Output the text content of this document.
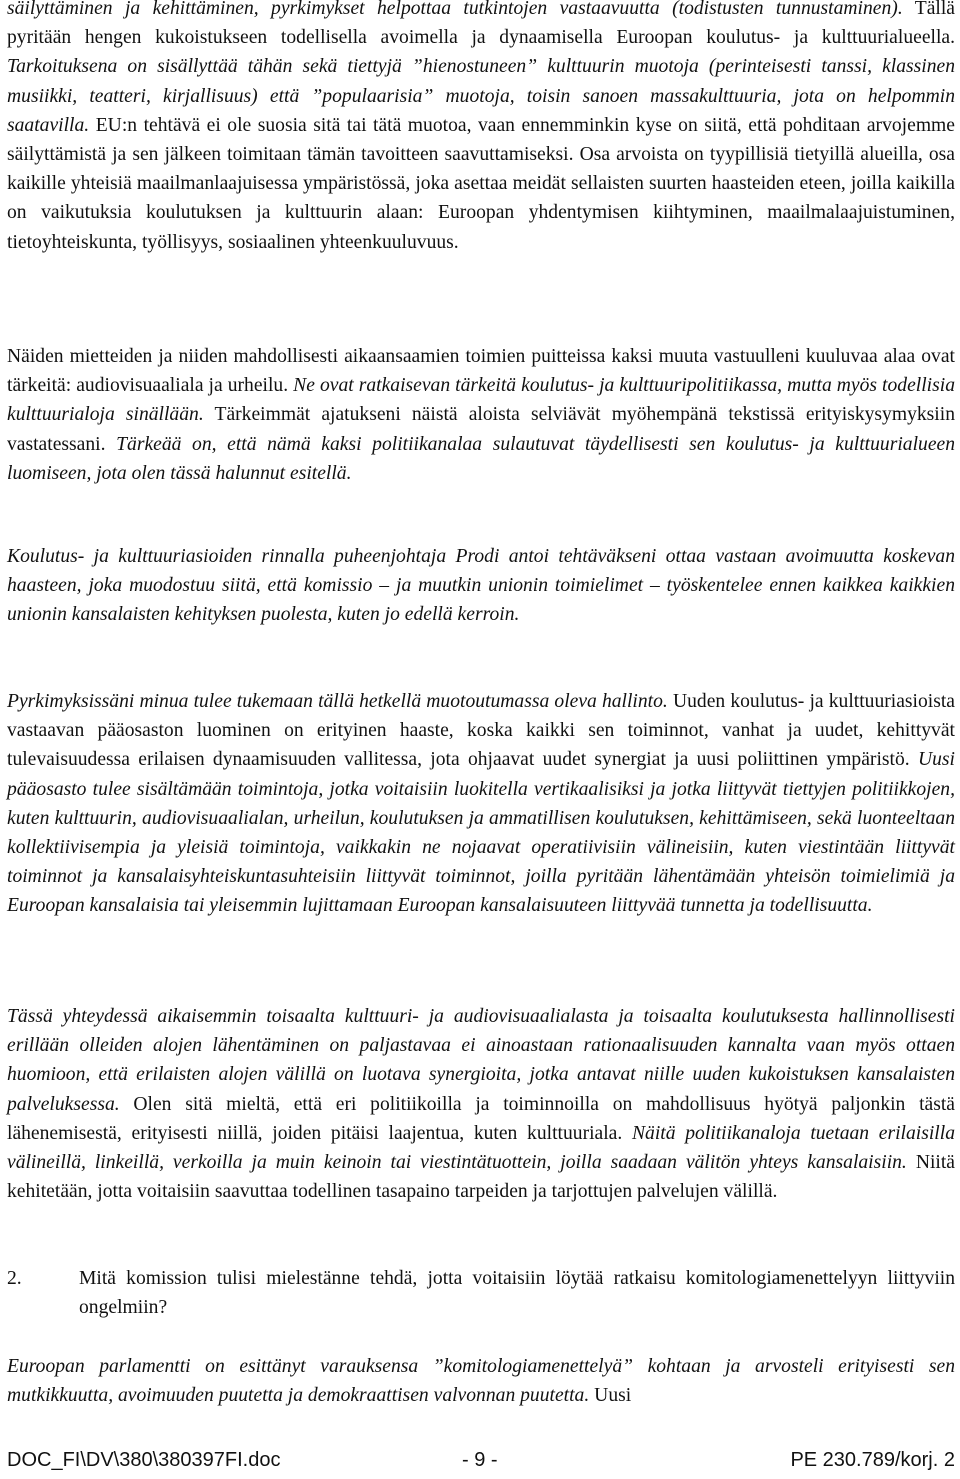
säilyttäminen ja kehittäminen, pyrkimykset helpottaa tutkintojen vastaavuutta (todistusten tunnustaminen). Tällä pyritään hengen kukoistukseen todellisella avoimella ja dynaamisella Euroopan koulutus- ja kulttuurialueella. Tarkoituksena on sisällyttää tähän sekä tiettyjä ”hienostuneen” kulttuurin muotoja (perinteisesti tanssi, klassinen musiikki, teatteri, kirjallisuus) että ”populaarisia” muotoja, toisin sanoen massakulttuuria, jota on helpommin saatavilla. EU:n tehtävä ei ole suosia sitä tai tätä muotoa, vaan ennemminkin kyse on siitä, että pohditaan arvojemme säilyttämistä ja sen jälkeen toimitaan tämän tavoitteen saavuttamiseksi. Osa arvoista on tyypillisiä tietyillä alueilla, osa kaikille yhteisiä maailmanlaajuisessa ympäristössä, joka asettaa meidät sellaisten suurten haasteiden eteen, joilla kaikilla on vaikutuksia koulutuksen ja kulttuurin alaan: Euroopan yhdentymisen kiihtyminen, maailmalaajuistuminen, tietoyhteiskunta, työllisyys, sosiaalinen yhteenkuuluvuus.

Näiden mietteiden ja niiden mahdollisesti aikaansaamien toimien puitteissa kaksi muuta vastuulleni kuuluvaa alaa ovat tärkeitä: audiovisuaaliala ja urheilu. Ne ovat ratkaisevan tärkeitä koulutus- ja kulttuuripolitiikassa, mutta myös todellisia kulttuurialoja sinällään. Tärkeimmät ajatukseni näistä aloista selviävät myöhempänä tekstissä erityiskysymyksiin vastatessani. Tärkeää on, että nämä kaksi politiikanalaa sulautuvat täydellisesti sen koulutus- ja kulttuurialueen luomiseen, jota olen tässä halunnut esitellä.

Koulutus- ja kulttuuriasioiden rinnalla puheenjohtaja Prodi antoi tehtäväkseni ottaa vastaan avoimuutta koskevan haasteen, joka muodostuu siitä, että komissio – ja muutkin unionin toimielimet – työskentelee ennen kaikkea kaikkien unionin kansalaisten kehityksen puolesta, kuten jo edellä kerroin.

Pyrkimyksissäni minua tulee tukemaan tällä hetkellä muotoutumassa oleva hallinto. Uuden koulutus- ja kulttuuriasioista vastaavan pääosaston luominen on erityinen haaste, koska kaikki sen toiminnot, vanhat ja uudet, kehittyvät tulevaisuudessa erilaisen dynaamisuuden vallitessa, jota ohjaavat uudet synergiat ja uusi poliittinen ympäristö. Uusi pääosasto tulee sisältämään toimintoja, jotka voitaisiin luokitella vertikaalisiksi ja jotka liittyvät tiettyjen politiikkojen, kuten kulttuurin, audiovisuaalialan, urheilun, koulutuksen ja ammatillisen koulutuksen, kehittämiseen, sekä luonteeltaan kollektiivisempia ja yleisiä toimintoja, vaikkakin ne nojaavat operatiivisiin välineisiin, kuten viestintään liittyvät toiminnot ja kansalaisyhteiskuntasuhteisiin liittyvät toiminnot, joilla pyritään lähentämään yhteisön toimielimiä ja Euroopan kansalaisia tai yleisemmin lujittamaan Euroopan kansalaisuuteen liittyvää tunnetta ja todellisuutta.

Tässä yhteydessä aikaisemmin toisaalta kulttuuri- ja audiovisuaalialasta ja toisaalta koulutuksesta hallinnollisesti erillään olleiden alojen lähentäminen on paljastavaa ei ainoastaan rationaalisuuden kannalta vaan myös ottaen huomioon, että erilaisten alojen välillä on luotava synergioita, jotka antavat niille uuden kukoistuksen kansalaisten palveluksessa. Olen sitä mieltä, että eri politiikoilla ja toiminnoilla on mahdollisuus hyötyä paljonkin tästä lähenemisestä, erityisesti niillä, joiden pitäisi laajentua, kuten kulttuuriala. Näitä politiikanaloja tuetaan erilaisilla välineillä, linkeillä, verkoilla ja muin keinoin tai viestintätuottein, joilla saadaan välitön yhteys kansalaisiin. Niitä kehitetään, jotta voitaisiin saavuttaa todellinen tasapaino tarpeiden ja tarjottujen palvelujen välillä.

2.	Mitä komission tulisi mielestänne tehdä, jotta voitaisiin löytää ratkaisu komitologiamenettelyyn liittyviin ongelmiin?

Euroopan parlamentti on esittänyt varauksensa ”komitologiamenettelyä” kohtaan ja arvosteli erityisesti sen mutkikkuutta, avoimuuden puutetta ja demokraattisen valvonnan puutetta. Uusi

DOC_FI\DV\380\380397FI.doc	- 9 -	PE 230.789/korj. 2
